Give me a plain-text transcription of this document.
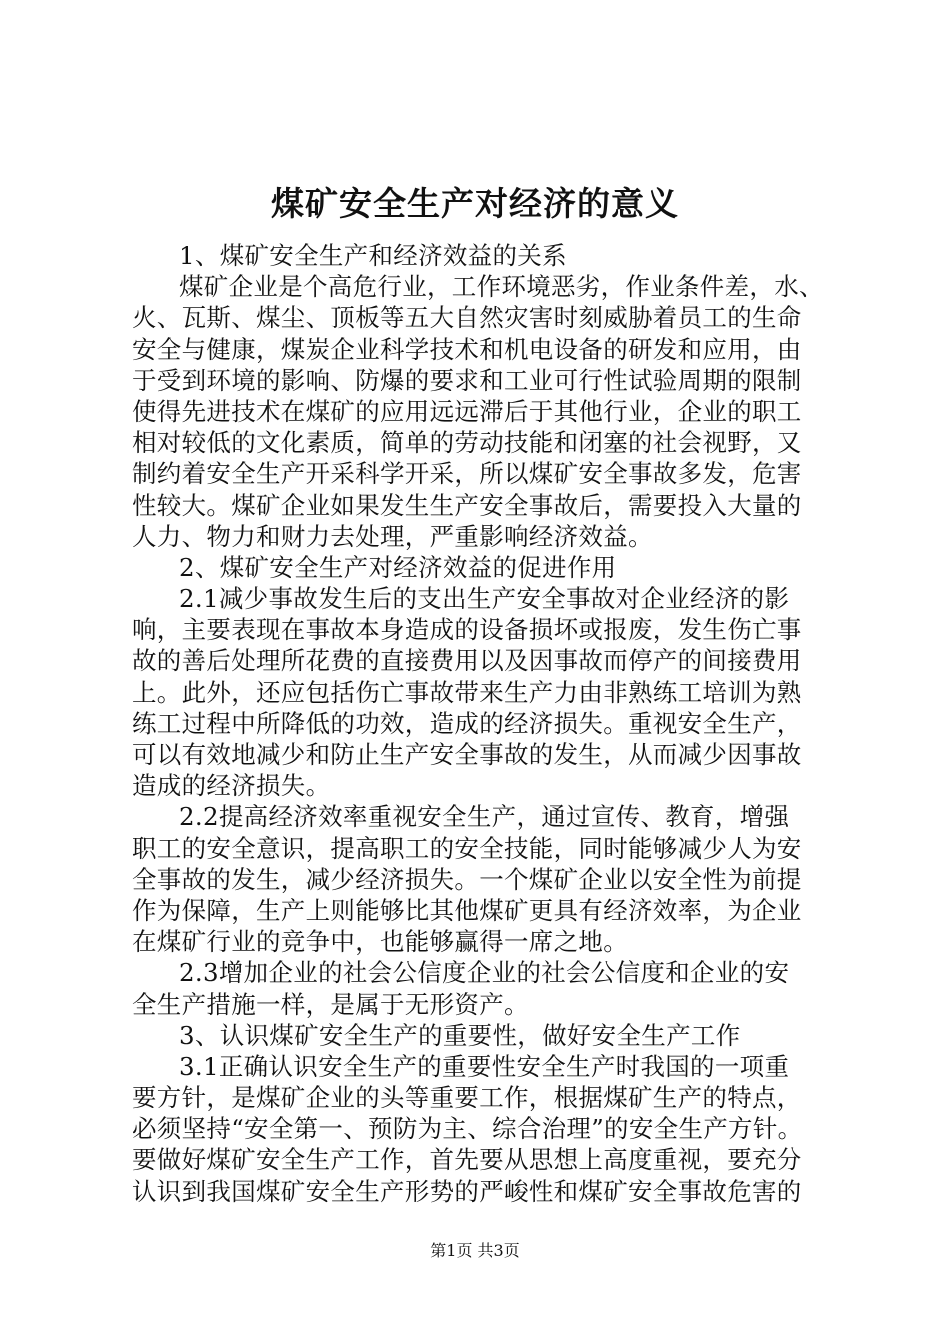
煤矿安全生产对经济的意义
1、煤矿安全生产和经济效益的关系
煤矿企业是个高危行业，工作环境恶劣，作业条件差，水、
火、瓦斯、煤尘、顶板等五大自然灾害时刻威胁着员工的生命
安全与健康，煤炭企业科学技术和机电设备的研发和应用，由
于受到环境的影响、防爆的要求和工业可行性试验周期的限制
使得先进技术在煤矿的应用远远滞后于其他行业，企业的职工
相对较低的文化素质，简单的劳动技能和闭塞的社会视野，又
制约着安全生产开采科学开采，所以煤矿安全事故多发，危害
性较大。煤矿企业如果发生生产安全事故后，需要投入大量的
人力、物力和财力去处理，严重影响经济效益。
2、煤矿安全生产对经济效益的促进作用
2.1减少事故发生后的支出生产安全事故对企业经济的影
响，主要表现在事故本身造成的设备损坏或报废，发生伤亡事
故的善后处理所花费的直接费用以及因事故而停产的间接费用
上。此外，还应包括伤亡事故带来生产力由非熟练工培训为熟
练工过程中所降低的功效，造成的经济损失。重视安全生产，
可以有效地减少和防止生产安全事故的发生，从而减少因事故
造成的经济损失。
2.2提高经济效率重视安全生产，通过宣传、教育，增强
职工的安全意识，提高职工的安全技能，同时能够减少人为安
全事故的发生，减少经济损失。一个煤矿企业以安全性为前提
作为保障，生产上则能够比其他煤矿更具有经济效率，为企业
在煤矿行业的竞争中，也能够赢得一席之地。
2.3增加企业的社会公信度企业的社会公信度和企业的安
全生产措施一样，是属于无形资产。
3、认识煤矿安全生产的重要性，做好安全生产工作
3.1正确认识安全生产的重要性安全生产时我国的一项重
要方针，是煤矿企业的头等重要工作，根据煤矿生产的特点，
必须坚持“安全第一、预防为主、综合治理”的安全生产方针。
要做好煤矿安全生产工作，首先要从思想上高度重视，要充分
认识到我国煤矿安全生产形势的严峻性和煤矿安全事故危害的
第1页 共3页
